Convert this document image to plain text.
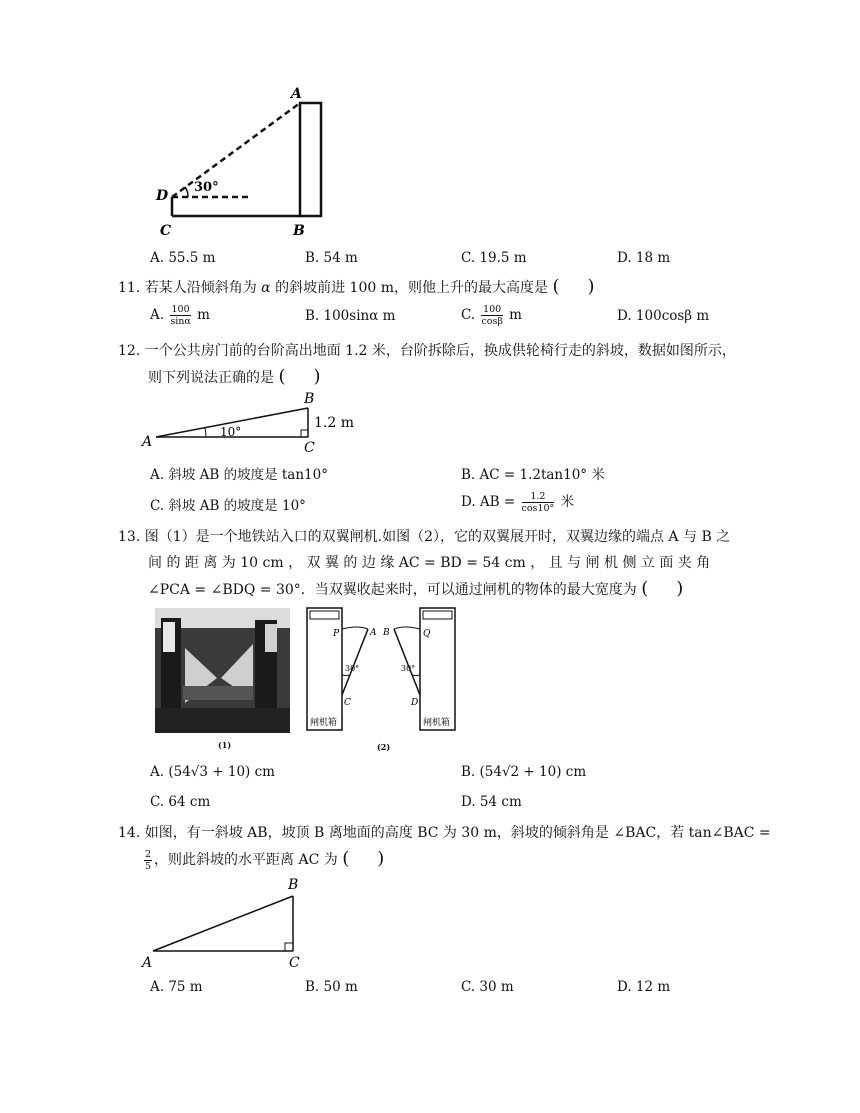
A
D
30°
C	B
A. 55.5 m	B. 54 m	C. 19.5 m	D. 18 m
11. 若某人沿倾斜角为 α 的斜坡前进 100 m，则他上升的最大高度是 ( )
A. $\frac{100}{\sin\alpha}$ m	B. 100sinα m	C. $\frac{100}{\cos\beta}$ m	D. 100cosβ m
12. 一个公共房门前的台阶高出地面 1.2 米，台阶拆除后，换成供轮椅行走的斜坡，数据如图所示，
则下列说法正确的是 ( )
A
B
C
1.2 m
10°
A. 斜坡 AB 的坡度是 tan10°	B. AC = 1.2tan10° 米
C. 斜坡 AB 的坡度是 10°	D. AB = $\frac{1.2}{\cos 10^\circ}$ 米
13. 图（1）是一个地铁站入口的双翼闸机.如图（2），它的双翼展开时，双翼边缘的端点 A 与 B 之
间 的 距 离 为 10 cm ， 双 翼 的 边 缘 AC = BD = 54 cm ， 且 与 闸 机 侧 立 面 夹 角
∠PCA = ∠BDQ = 30°．当双翼收起来时，可以通过闸机的物体的最大宽度为 ( )
P	A B	Q
30°	30°
C	D
闸机箱	闸机箱
(2)
(1)
A. (54√3 + 10) cm	B. (54√2 + 10) cm
C. 64 cm	D. 54 cm
14. 如图，有一斜坡 AB，坡顶 B 离地面的高度 BC 为 30 m，斜坡的倾斜角是 ∠BAC，若 tan∠BAC =
$\frac{2}{5}$ ，则此斜坡的水平距离 AC 为 ( )
A
B
C
A. 75 m	B. 50 m	C. 30 m	D. 12 m
